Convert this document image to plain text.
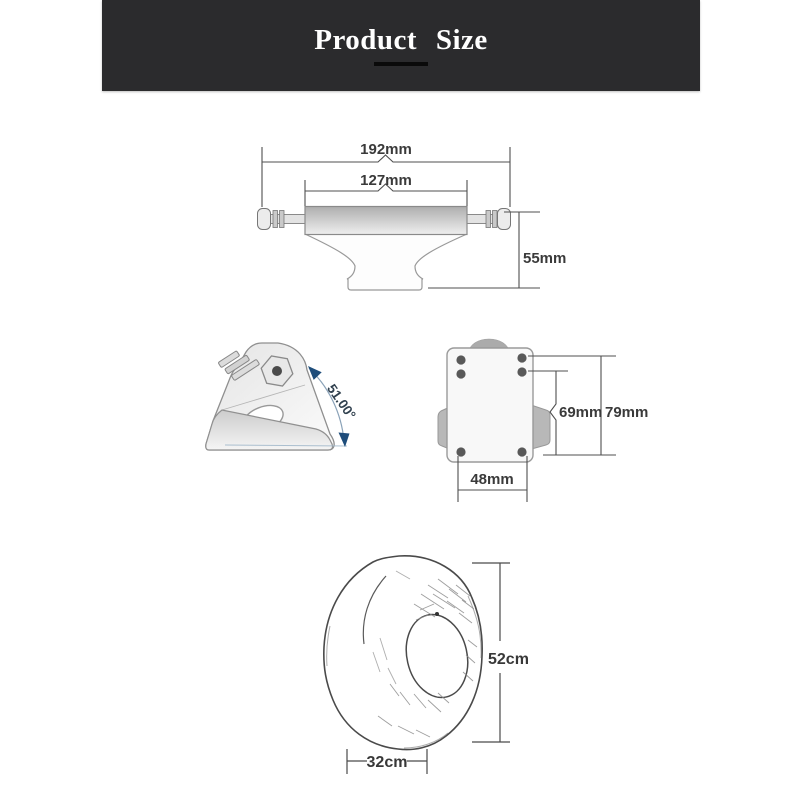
Product Size
192mm
127mm
55mm
51.00°	69mm 79mm
48mm
52cm
32cm
